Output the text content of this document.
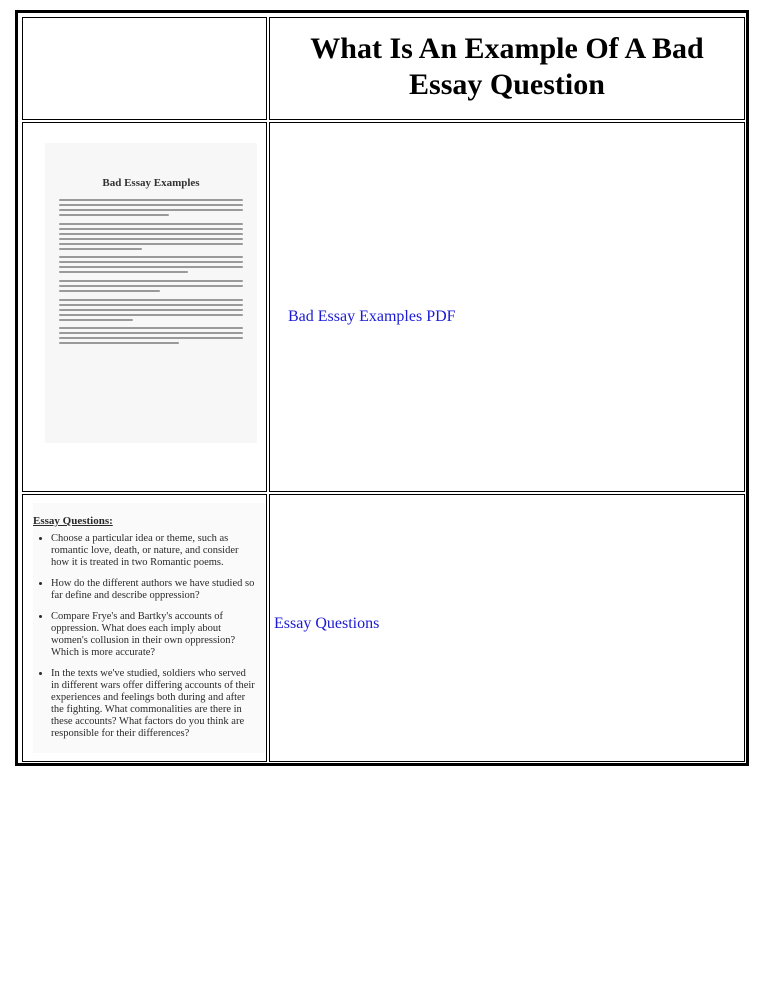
What Is An Example Of A Bad Essay Question
Bad Essay Examples
Bad Essay Examples PDF
Essay Questions:
• Choose a particular idea or theme, such as romantic love, death, or nature, and consider how it is treated in two Romantic poems.
• How do the different authors we have studied so far define and describe oppression?
• Compare Frye's and Bartky's accounts of oppression. What does each imply about women's collusion in their own oppression? Which is more accurate?
• In the texts we've studied, soldiers who served in different wars offer differing accounts of their experiences and feelings both during and after the fighting. What commonalities are there in these accounts? What factors do you think are responsible for their differences?
Essay Questions
